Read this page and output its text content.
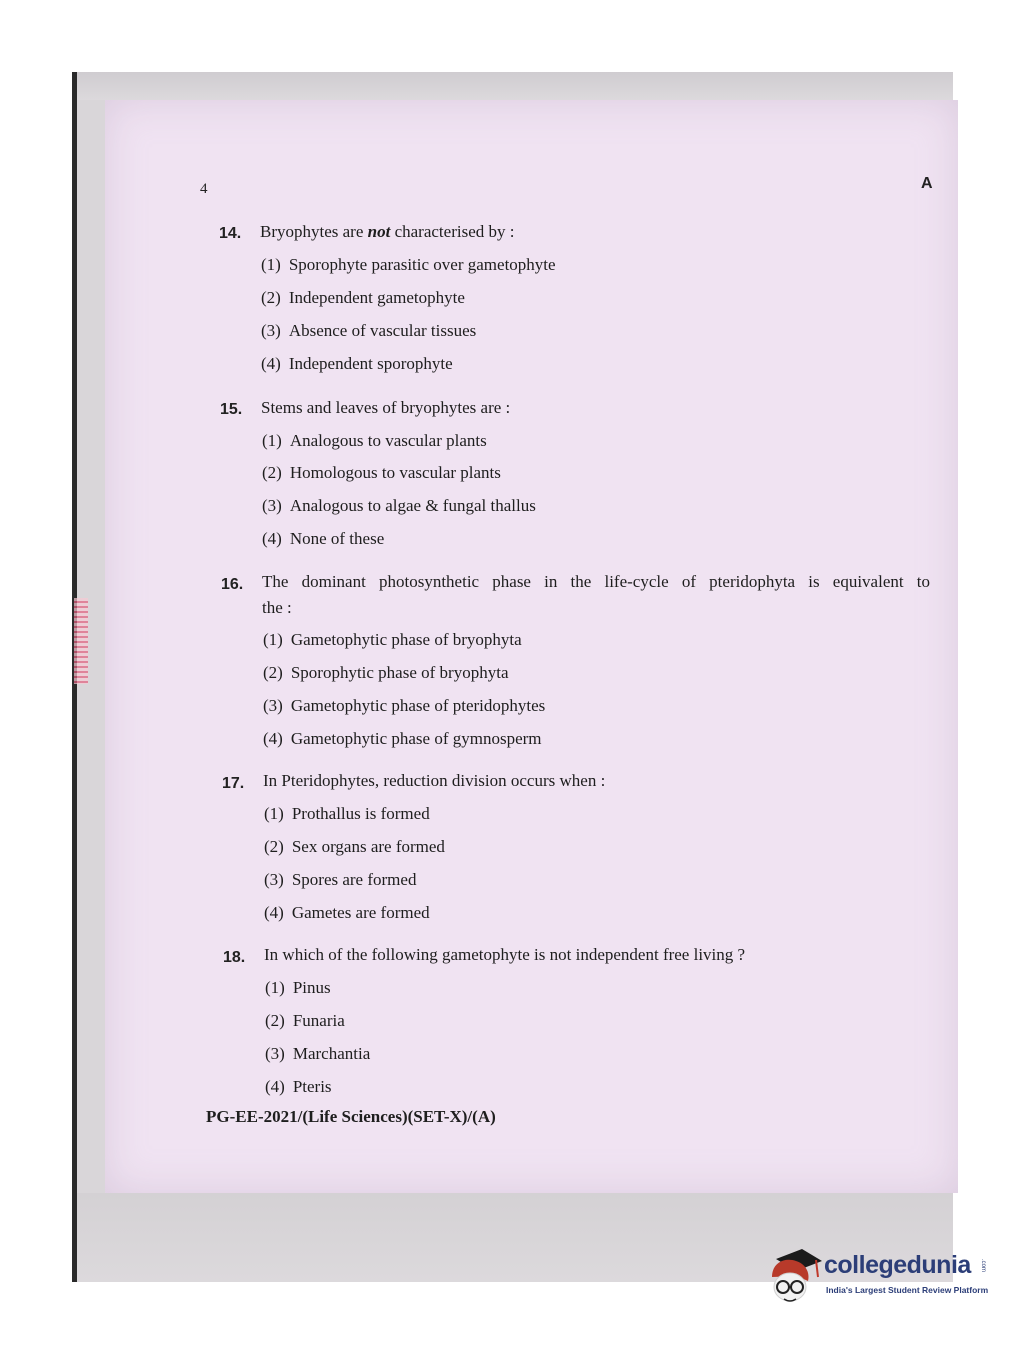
4	A
14. Bryophytes are not characterised by :
(1) Sporophyte parasitic over gametophyte
(2) Independent gametophyte
(3) Absence of vascular tissues
(4) Independent sporophyte
15. Stems and leaves of bryophytes are :
(1) Analogous to vascular plants
(2) Homologous to vascular plants
(3) Analogous to algae & fungal thallus
(4) None of these
16. The dominant photosynthetic phase in the life-cycle of pteridophyta is equivalent to
the :
(1) Gametophytic phase of bryophyta
(2) Sporophytic phase of bryophyta
(3) Gametophytic phase of pteridophytes
(4) Gametophytic phase of gymnosperm
17. In Pteridophytes, reduction division occurs when :
(1) Prothallus is formed
(2) Sex organs are formed
(3) Spores are formed
(4) Gametes are formed
18. In which of the following gametophyte is not independent free living ?
(1) Pinus
(2) Funaria
(3) Marchantia
(4) Pteris
PG-EE-2021/(Life Sciences)(SET-X)/(A)
collegedunia .com
India's Largest Student Review Platform
